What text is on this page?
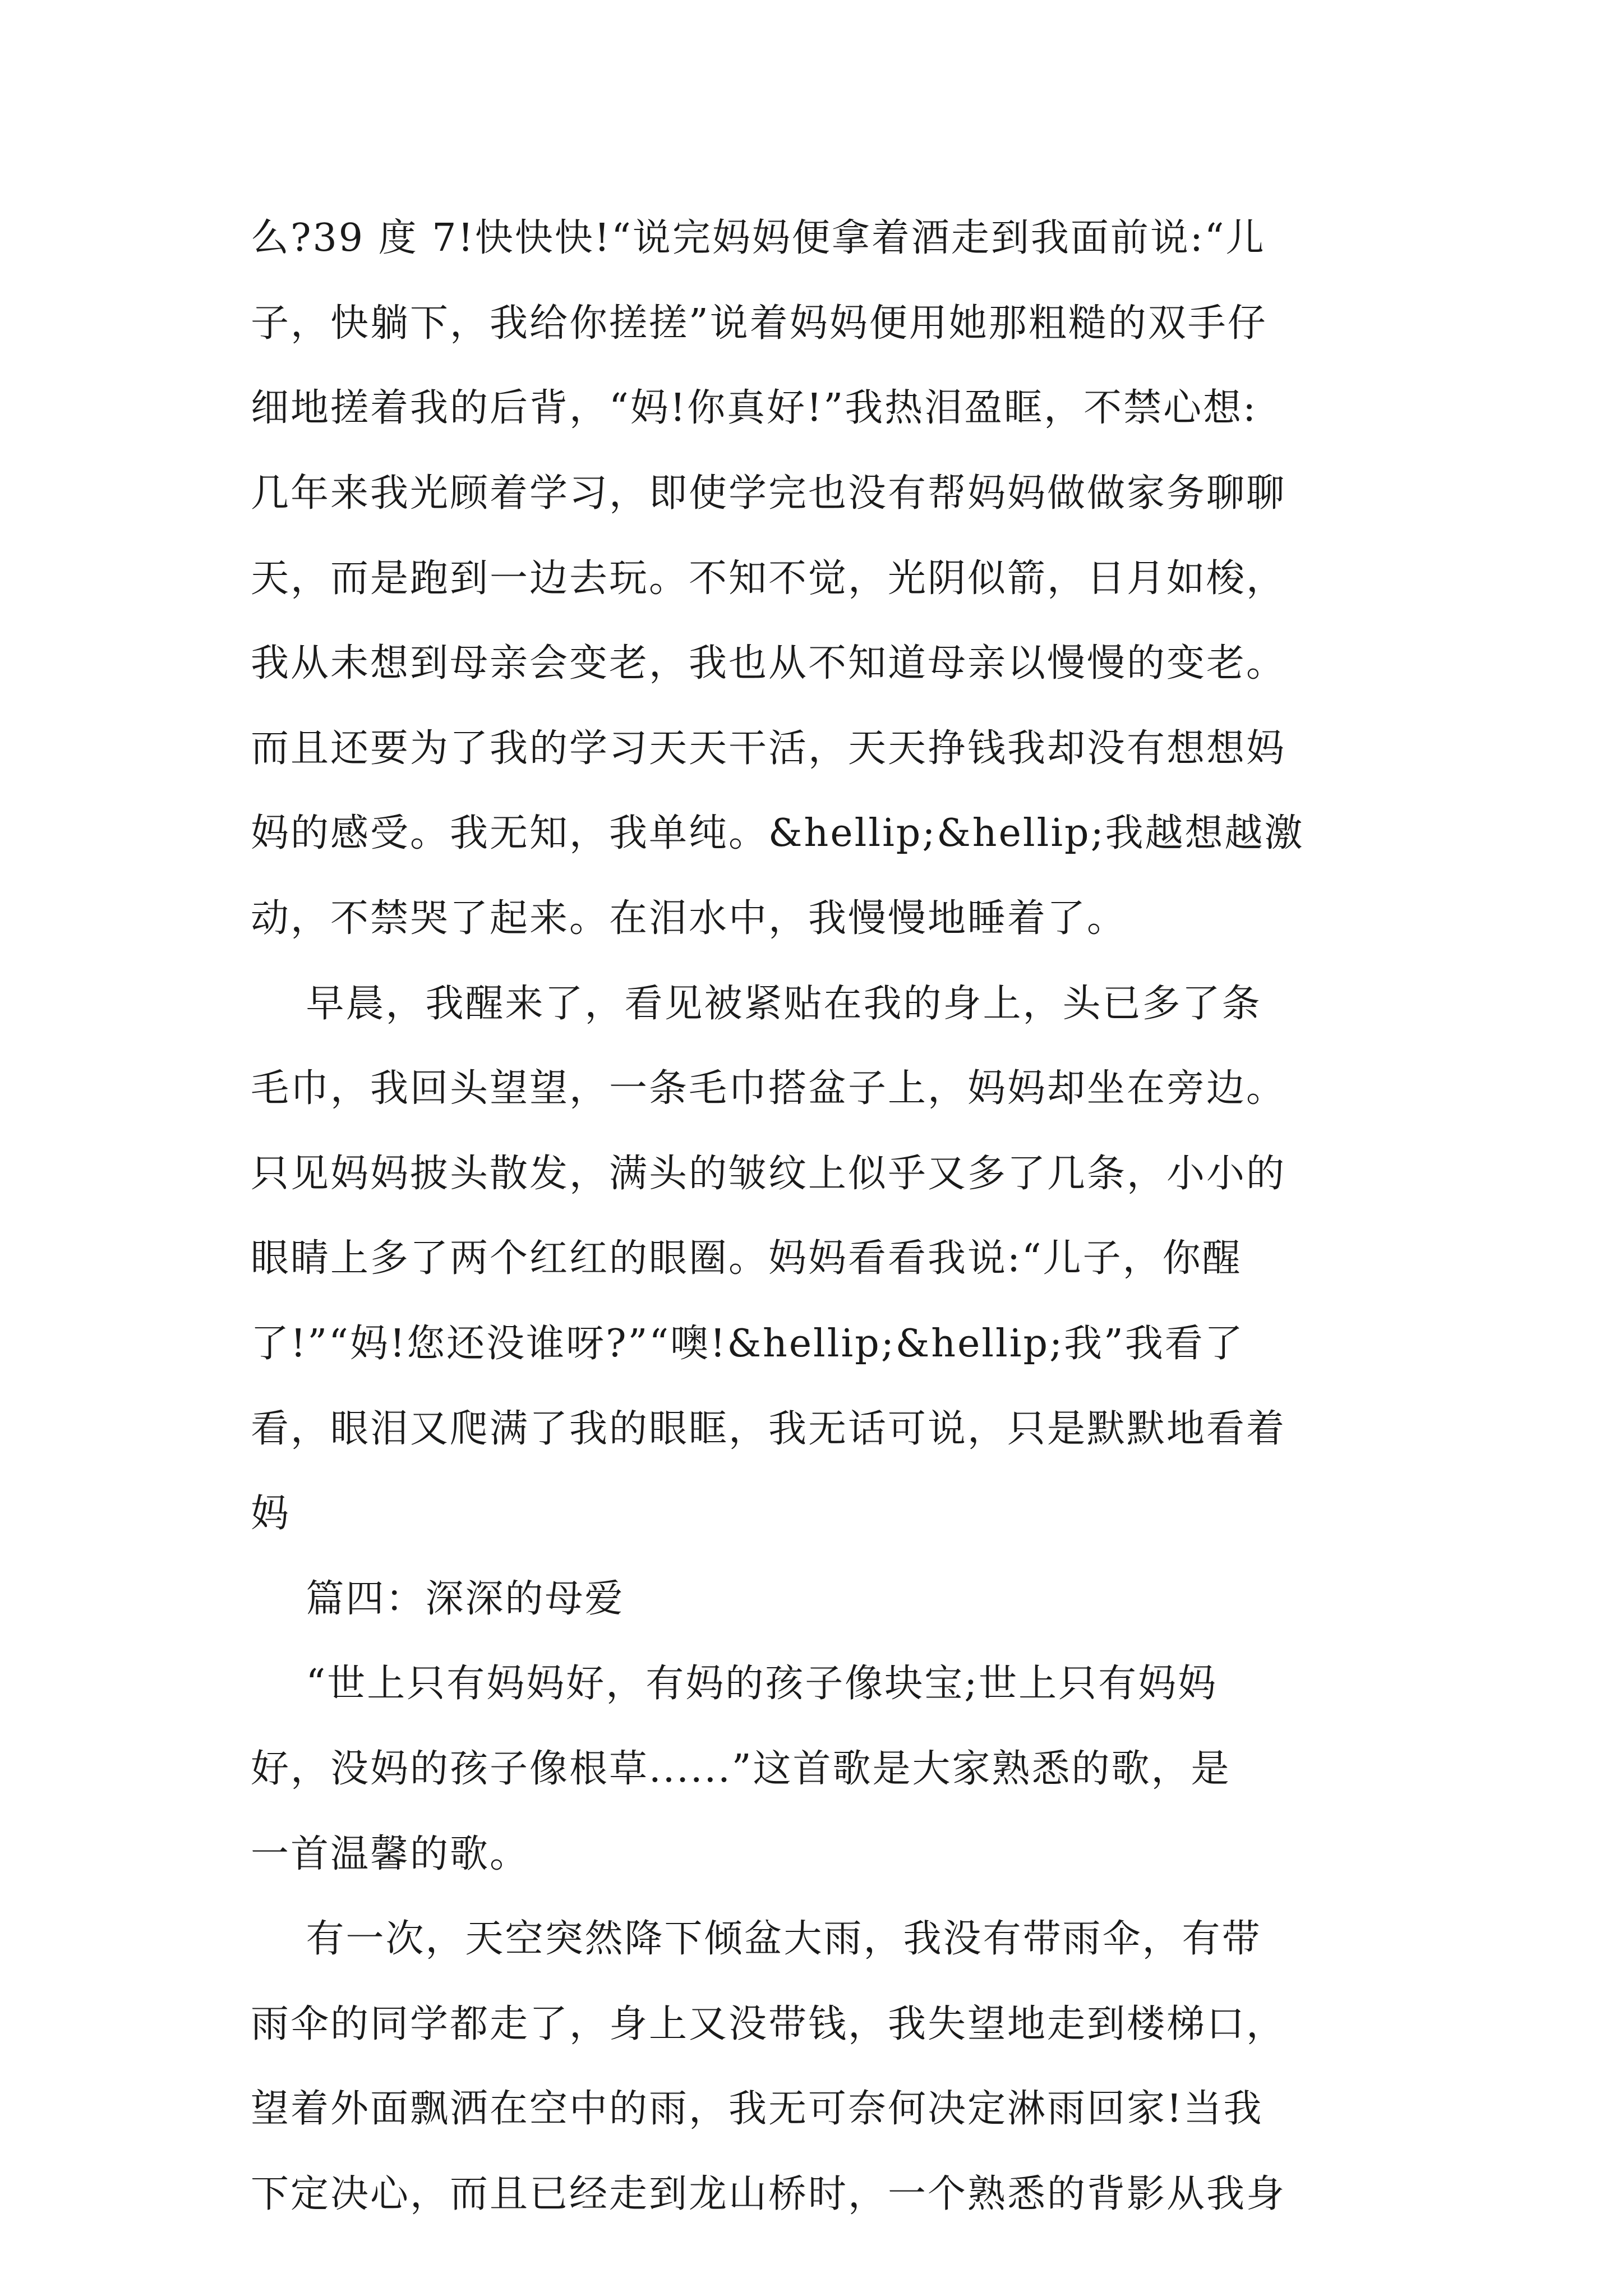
么?39 度 7!快快快!“说完妈妈便拿着酒走到我面前说:“儿
子，快躺下，我给你搓搓”说着妈妈便用她那粗糙的双手仔
细地搓着我的后背，“妈!你真好!”我热泪盈眶，不禁心想:
几年来我光顾着学习，即使学完也没有帮妈妈做做家务聊聊
天，而是跑到一边去玩。不知不觉，光阴似箭，日月如梭，
我从未想到母亲会变老，我也从不知道母亲以慢慢的变老。
而且还要为了我的学习天天干活，天天挣钱我却没有想想妈
妈的感受。我无知，我单纯。&hellip;&hellip;我越想越激
动，不禁哭了起来。在泪水中，我慢慢地睡着了。
早晨，我醒来了，看见被紧贴在我的身上，头已多了条
毛巾，我回头望望，一条毛巾搭盆子上，妈妈却坐在旁边。
只见妈妈披头散发，满头的皱纹上似乎又多了几条，小小的
眼睛上多了两个红红的眼圈。妈妈看看我说:“儿子，你醒
了!”“妈!您还没谁呀?”“噢!&hellip;&hellip;我”我看了
看，眼泪又爬满了我的眼眶，我无话可说，只是默默地看着
妈
篇四：深深的母爱
“世上只有妈妈好，有妈的孩子像块宝;世上只有妈妈
好，没妈的孩子像根草......”这首歌是大家熟悉的歌，是
一首温馨的歌。
有一次，天空突然降下倾盆大雨，我没有带雨伞，有带
雨伞的同学都走了，身上又没带钱，我失望地走到楼梯口，
望着外面飘洒在空中的雨，我无可奈何决定淋雨回家!当我
下定决心，而且已经走到龙山桥时，一个熟悉的背影从我身
